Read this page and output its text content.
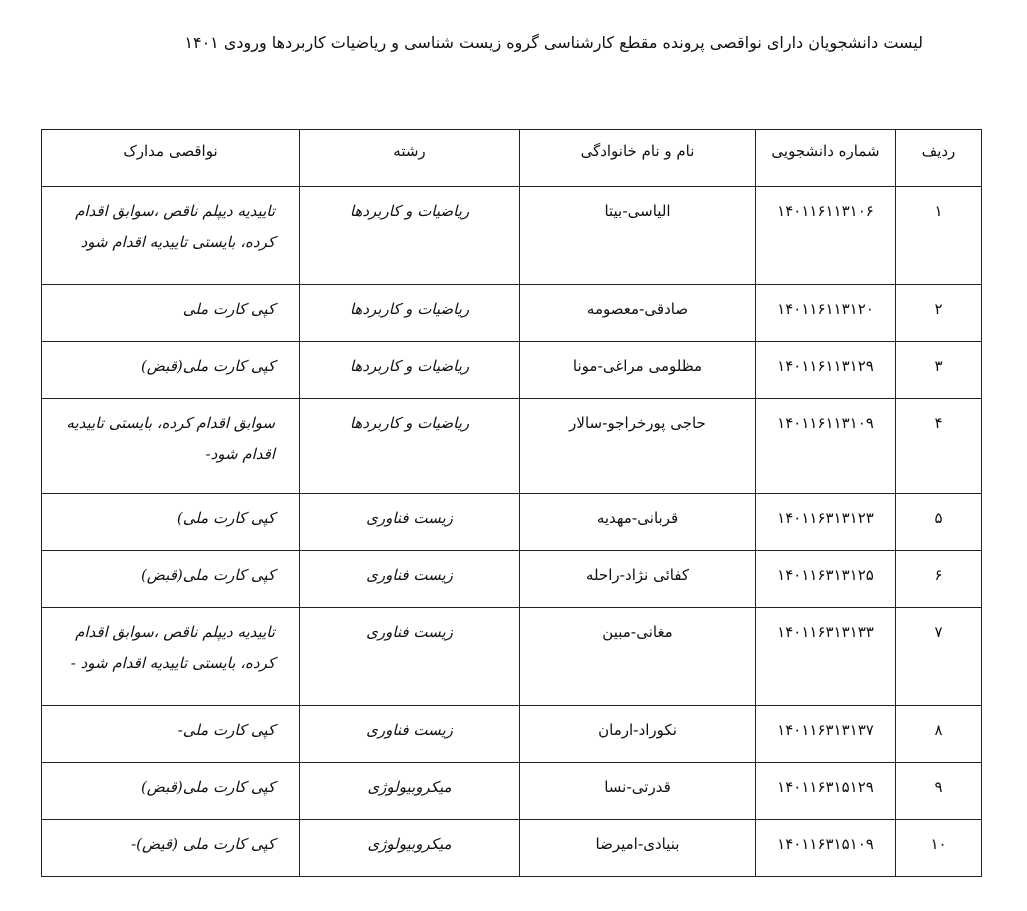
لیست دانشجویان دارای نواقصی پرونده مقطع کارشناسی گروه زیست شناسی و ریاضیات کاربردها ورودی ۱۴۰۱
ردیف	شماره دانشجویی	نام و نام خانوادگی	رشته	نواقصی مدارک

۱	۱۴۰۱۱۶۱۱۳۱۰۶	الیاسی-بیتا	ریاضیات و کاربردها	تاییدیه دیپلم ناقص ،سوابق اقدام کرده، بایستی تاییدیه اقدام شود

۲	۱۴۰۱۱۶۱۱۳۱۲۰	صادقی-معصومه	ریاضیات و کاربردها	کپی کارت ملی

۳	۱۴۰۱۱۶۱۱۳۱۲۹	مظلومی مراغی-مونا	ریاضیات و کاربردها	کپی کارت ملی(قبض)

۴	۱۴۰۱۱۶۱۱۳۱۰۹	حاجی پورخراجو-سالار	ریاضیات و کاربردها	سوابق اقدام کرده، بایستی تاییدیه اقدام شود-

۵	۱۴۰۱۱۶۳۱۳۱۲۳	قربانی-مهدیه	زیست فناوری	کپی کارت ملی)

۶	۱۴۰۱۱۶۳۱۳۱۲۵	کفائی نژاد-راحله	زیست فناوری	کپی کارت ملی(قبض)

۷	۱۴۰۱۱۶۳۱۳۱۳۳	مغانی-مبین	زیست فناوری	تاییدیه دیپلم ناقص ،سوابق اقدام کرده، بایستی تاییدیه اقدام شود -

۸	۱۴۰۱۱۶۳۱۳۱۳۷	نکوراد-ارمان	زیست فناوری	کپی کارت ملی-

۹	۱۴۰۱۱۶۳۱۵۱۲۹	قدرتی-نسا	میکروبیولوژی	کپی کارت ملی(قبض)

۱۰	۱۴۰۱۱۶۳۱۵۱۰۹	بنیادی-امیرضا	میکروبیولوژی	کپی کارت ملی (قیض)-
